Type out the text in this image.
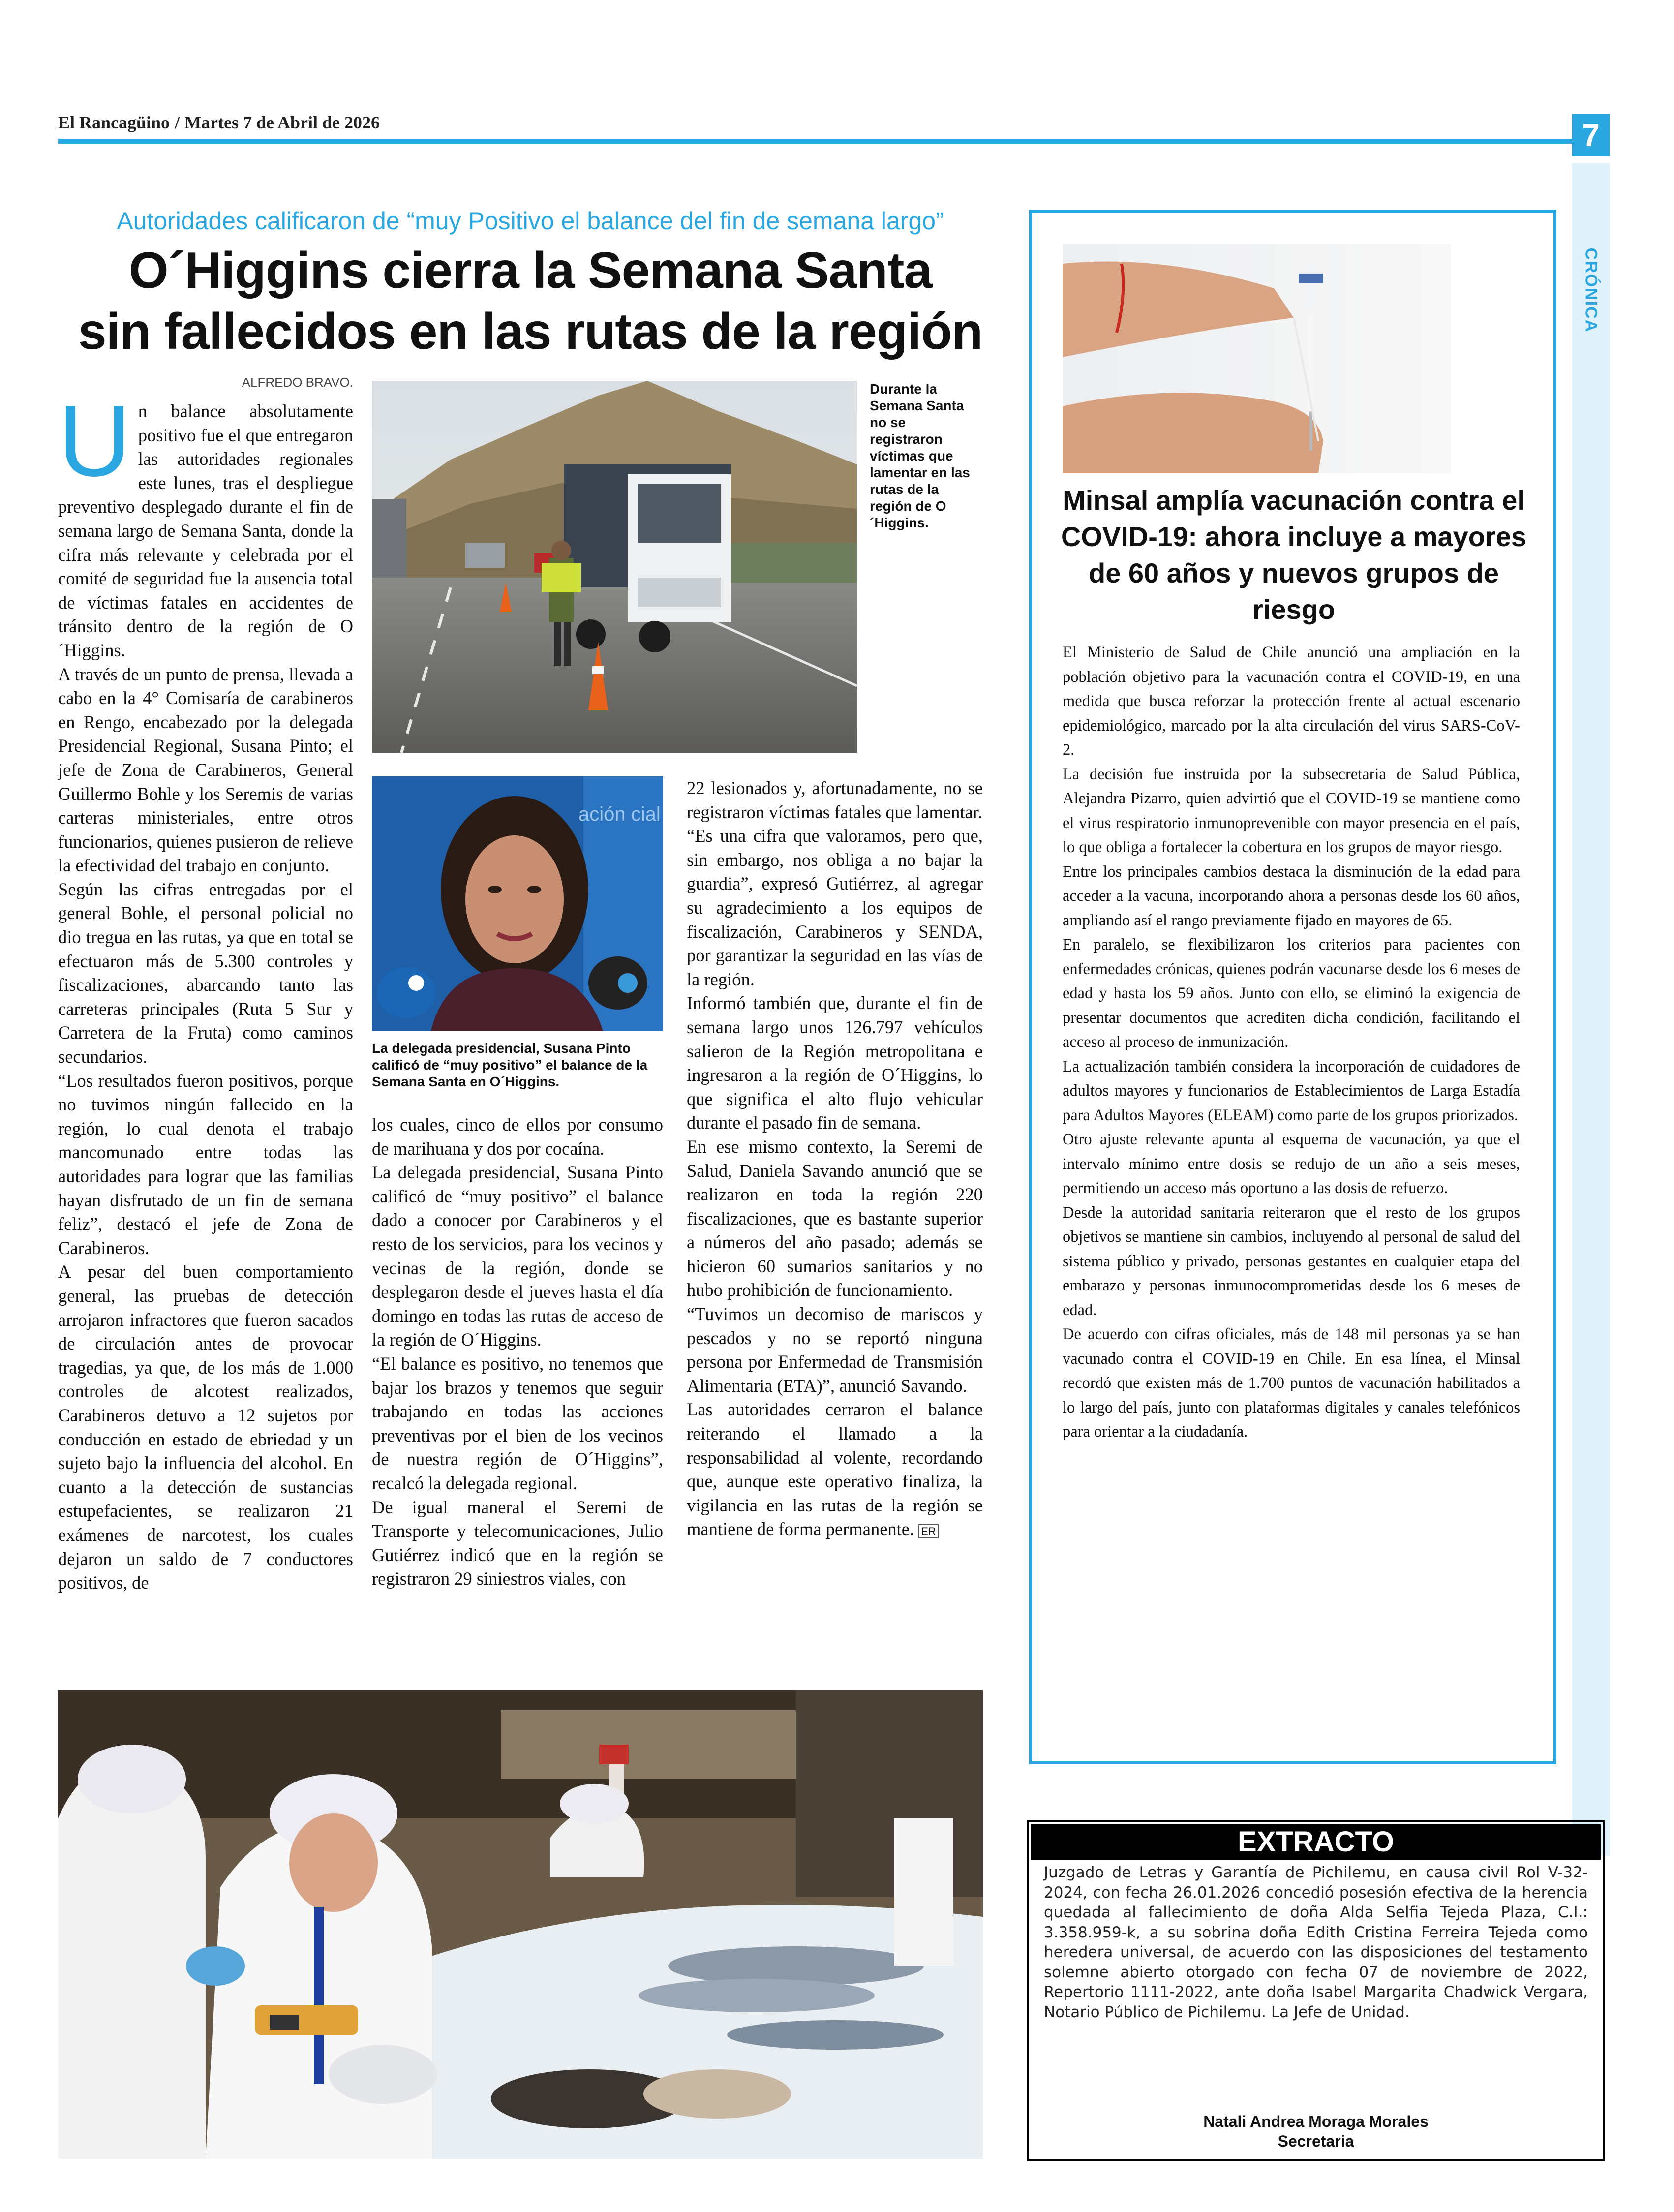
El Rancagüino / Martes 7 de Abril de 2026	7
CRÓNICA
Autoridades calificaron de “muy Positivo el balance del fin de semana largo”
O´Higgins cierra la Semana Santa
sin fallecidos en las rutas de la región
ALFREDO BRAVO.
U n balance absolutamente positivo fue el que entregaron las autoridades regionales este lunes, tras el despliegue preventivo desplegado durante el fin de semana largo de Semana Santa, donde la cifra más relevante y celebrada por el comité de seguridad fue la ausencia total de víctimas fatales en accidentes de tránsito dentro de la región de O´Higgins.

A través de un punto de prensa, llevada a cabo en la 4° Comisaría de carabineros en Rengo, encabezado por la delegada Presidencial Regional, Susana Pinto; el jefe de Zona de Carabineros, General Guillermo Bohle y los Seremis de varias carteras ministeriales, entre otros funcionarios, quienes pusieron de relieve la efectividad del trabajo en conjunto.

Según las cifras entregadas por el general Bohle, el personal policial no dio tregua en las rutas, ya que en total se efectuaron más de 5.300 controles y fiscalizaciones, abarcando tanto las carreteras principales (Ruta 5 Sur y Carretera de la Fruta) como caminos secundarios.

“Los resultados fueron positivos, porque no tuvimos ningún fallecido en la región, lo cual denota el trabajo mancomunado entre todas las autoridades para lograr que las familias hayan disfrutado de un fin de semana feliz”, destacó el jefe de Zona de Carabineros.

A pesar del buen comportamiento general, las pruebas de detección arrojaron infractores que fueron sacados de circulación antes de provocar tragedias, ya que, de los más de 1.000 controles de alcotest realizados, Carabineros detuvo a 12 sujetos por conducción en estado de ebriedad y un sujeto bajo la influencia del alcohol. En cuanto a la detección de sustancias estupefacientes, se realizaron 21 exámenes de narcotest, los cuales dejaron un saldo de 7 conductores positivos, de

Durante la Semana Santa no se registraron víctimas que lamentar en las rutas de la región de O´Higgins.
ación cial
La delegada presidencial, Susana Pinto calificó de “muy positivo” el balance de la Semana Santa en O´Higgins.

los cuales, cinco de ellos por consumo de marihuana y dos por cocaína.

La delegada presidencial, Susana Pinto calificó de “muy positivo” el balance dado a conocer por Carabineros y el resto de los servicios, para los vecinos y vecinas de la región, donde se desplegaron desde el jueves hasta el día domingo en todas las rutas de acceso de la región de O´Higgins.

“El balance es positivo, no tenemos que bajar los brazos y tenemos que seguir trabajando en todas las acciones preventivas por el bien de los vecinos de nuestra región de O´Higgins”, recalcó la delegada regional.

De igual maneral el Seremi de Transporte y telecomunicaciones, Julio Gutiérrez indicó que en la región se registraron 29 siniestros viales, con

22 lesionados y, afortunadamente, no se registraron víctimas fatales que lamentar.

“Es una cifra que valoramos, pero que, sin embargo, nos obliga a no bajar la guardia”, expresó Gutiérrez, al agregar su agradecimiento a los equipos de fiscalización, Carabineros y SENDA, por garantizar la seguridad en las vías de la región.

Informó también que, durante el fin de semana largo unos 126.797 vehículos salieron de la Región metropolitana e ingresaron a la región de O´Higgins, lo que significa el alto flujo vehicular durante el pasado fin de semana.

En ese mismo contexto, la Seremi de Salud, Daniela Savando anunció que se realizaron en toda la región 220 fiscalizaciones, que es bastante superior a números del año pasado; además se hicieron 60 sumarios sanitarios y no hubo prohibición de funcionamiento.

“Tuvimos un decomiso de mariscos y pescados y no se reportó ninguna persona por Enfermedad de Transmisión Alimentaria (ETA)”, anunció Savando.

Las autoridades cerraron el balance reiterando el llamado a la responsabilidad al volente, recordando que, aunque este operativo finaliza, la vigilancia en las rutas de la región se mantiene de forma permanente. ER

Minsal amplía vacunación contra el COVID-19: ahora incluye a mayores de 60 años y nuevos grupos de riesgo

El Ministerio de Salud de Chile anunció una ampliación en la población objetivo para la vacunación contra el COVID-19, en una medida que busca reforzar la protección frente al actual escenario epidemiológico, marcado por la alta circulación del virus SARS-CoV-2.

La decisión fue instruida por la subsecretaria de Salud Pública, Alejandra Pizarro, quien advirtió que el COVID-19 se mantiene como el virus respiratorio inmunoprevenible con mayor presencia en el país, lo que obliga a fortalecer la cobertura en los grupos de mayor riesgo.

Entre los principales cambios destaca la disminución de la edad para acceder a la vacuna, incorporando ahora a personas desde los 60 años, ampliando así el rango previamente fijado en mayores de 65.

En paralelo, se flexibilizaron los criterios para pacientes con enfermedades crónicas, quienes podrán vacunarse desde los 6 meses de edad y hasta los 59 años. Junto con ello, se eliminó la exigencia de presentar documentos que acrediten dicha condición, facilitando el acceso al proceso de inmunización.

La actualización también considera la incorporación de cuidadores de adultos mayores y funcionarios de Establecimientos de Larga Estadía para Adultos Mayores (ELEAM) como parte de los grupos priorizados.

Otro ajuste relevante apunta al esquema de vacunación, ya que el intervalo mínimo entre dosis se redujo de un año a seis meses, permitiendo un acceso más oportuno a las dosis de refuerzo.

Desde la autoridad sanitaria reiteraron que el resto de los grupos objetivos se mantiene sin cambios, incluyendo al personal de salud del sistema público y privado, personas gestantes en cualquier etapa del embarazo y personas inmunocomprometidas desde los 6 meses de edad.

De acuerdo con cifras oficiales, más de 148 mil personas ya se han vacunado contra el COVID-19 en Chile. En esa línea, el Minsal recordó que existen más de 1.700 puntos de vacunación habilitados a lo largo del país, junto con plataformas digitales y canales telefónicos para orientar a la ciudadanía.

EXTRACTO
Juzgado de Letras y Garantía de Pichilemu, en causa civil Rol V-32-2024, con fecha 26.01.2026 concedió posesión efectiva de la herencia quedada al fallecimiento de doña Alda Selfia Tejeda Plaza, C.I.: 3.358.959-k, a su sobrina doña Edith Cristina Ferreira Tejeda como heredera universal, de acuerdo con las disposiciones del testamento solemne abierto otorgado con fecha 07 de noviembre de 2022, Repertorio 1111-2022, ante doña Isabel Margarita Chadwick Vergara, Notario Público de Pichilemu. La Jefe de Unidad.
Natali Andrea Moraga Morales
Secretaria
